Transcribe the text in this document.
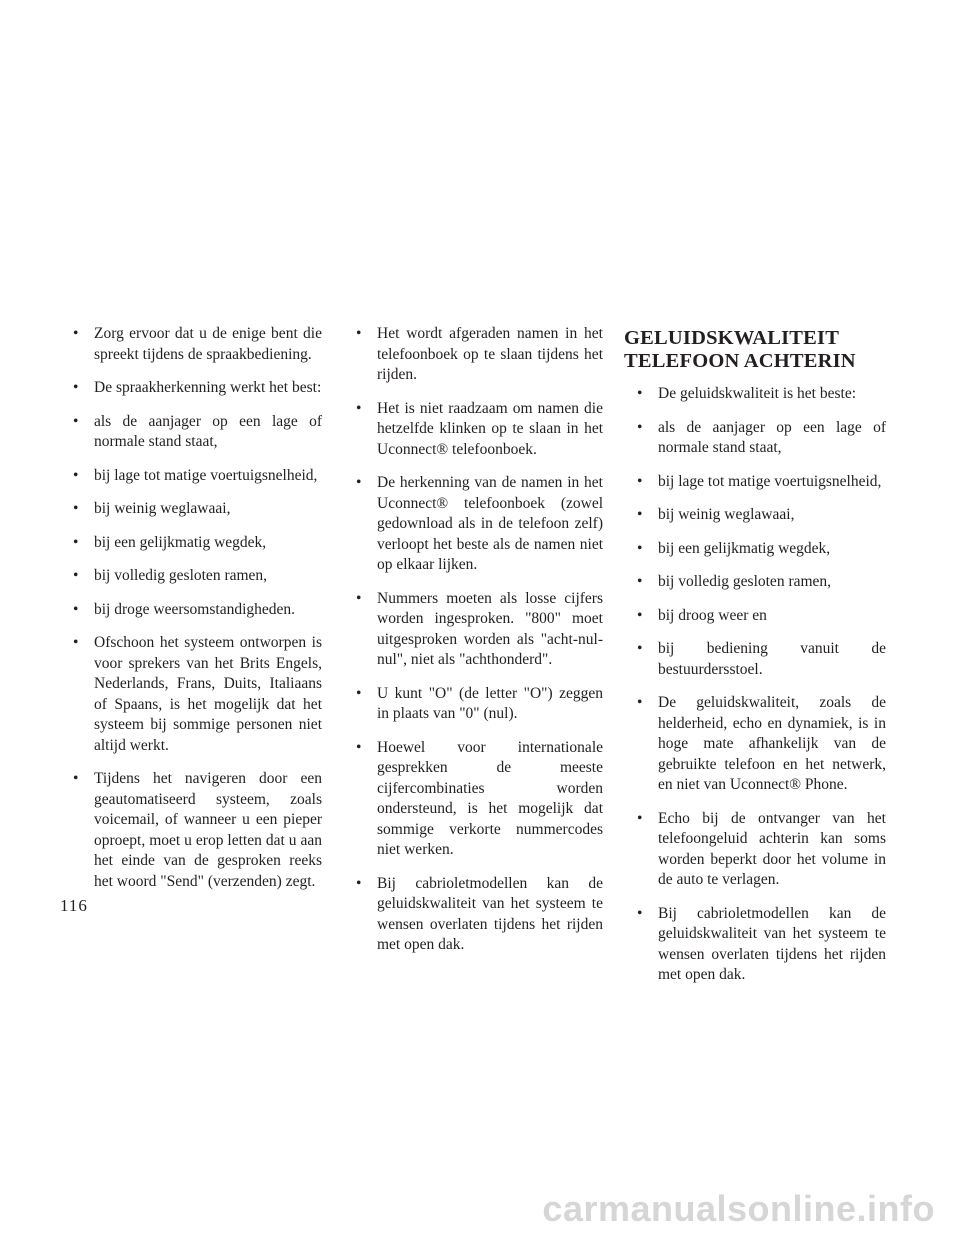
• Zorg ervoor dat u de enige bent die spreekt tijdens de spraakbediening.
• De spraakherkenning werkt het best:
• als de aanjager op een lage of normale stand staat,
• bij lage tot matige voertuigsnelheid,
• bij weinig weglawaai,
• bij een gelijkmatig wegdek,
• bij volledig gesloten ramen,
• bij droge weersomstandigheden.
• Ofschoon het systeem ontworpen is voor sprekers van het Brits Engels, Nederlands, Frans, Duits, Italiaans of Spaans, is het mogelijk dat het systeem bij sommige personen niet altijd werkt.
• Tijdens het navigeren door een geautomatiseerd systeem, zoals voicemail, of wanneer u een pieper oproept, moet u erop letten dat u aan het einde van de gesproken reeks het woord "Send" (verzenden) zegt.
• Het wordt afgeraden namen in het telefoonboek op te slaan tijdens het rijden.
• Het is niet raadzaam om namen die hetzelfde klinken op te slaan in het Uconnect® telefoonboek.
• De herkenning van de namen in het Uconnect® telefoonboek (zowel gedownload als in de telefoon zelf) verloopt het beste als de namen niet op elkaar lijken.
• Nummers moeten als losse cijfers worden ingesproken. "800" moet uitgesproken worden als "acht-nul-nul", niet als "achthonderd".
• U kunt "O" (de letter "O") zeggen in plaats van "0" (nul).
• Hoewel voor internationale gesprekken de meeste cijfercombinaties worden ondersteund, is het mogelijk dat sommige verkorte nummercodes niet werken.
• Bij cabrioletmodellen kan de geluidskwaliteit van het systeem te wensen overlaten tijdens het rijden met open dak.
GELUIDSKWALITEIT
TELEFOON ACHTERIN
• De geluidskwaliteit is het beste:
• als de aanjager op een lage of normale stand staat,
• bij lage tot matige voertuigsnelheid,
• bij weinig weglawaai,
• bij een gelijkmatig wegdek,
• bij volledig gesloten ramen,
• bij droog weer en
• bij bediening vanuit de bestuurdersstoel.
• De geluidskwaliteit, zoals de helderheid, echo en dynamiek, is in hoge mate afhankelijk van de gebruikte telefoon en het netwerk, en niet van Uconnect® Phone.
• Echo bij de ontvanger van het telefoongeluid achterin kan soms worden beperkt door het volume in de auto te verlagen.
• Bij cabrioletmodellen kan de geluidskwaliteit van het systeem te wensen overlaten tijdens het rijden met open dak.
116
carmanualsonline.info
